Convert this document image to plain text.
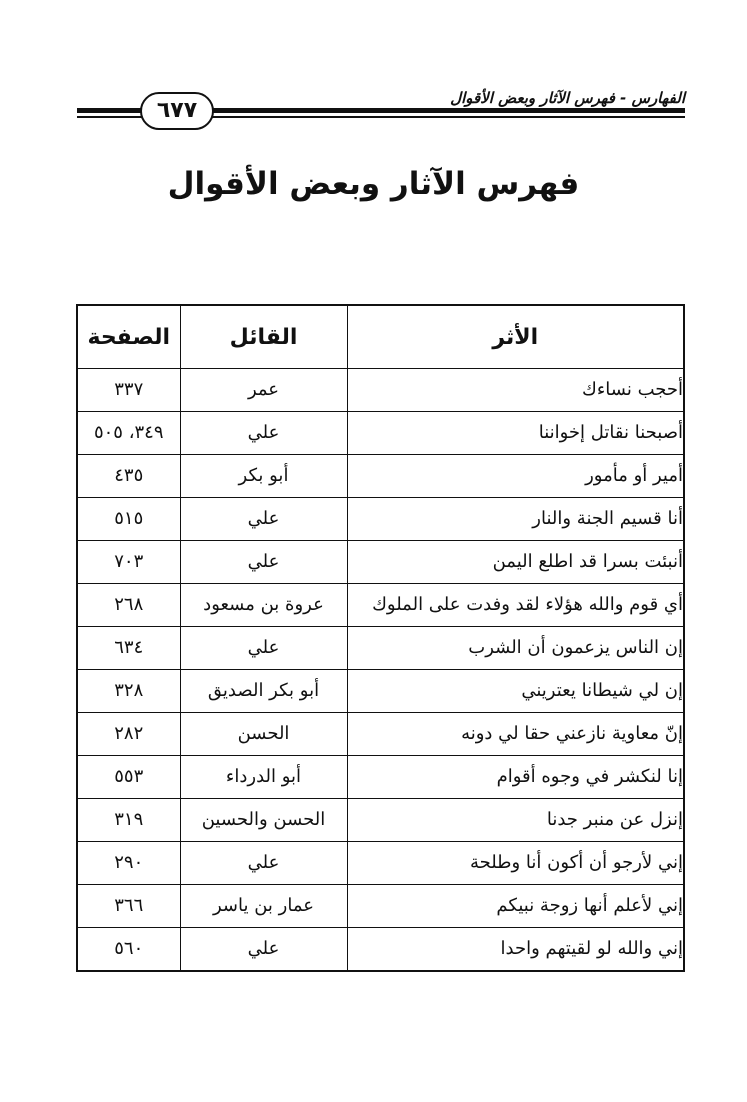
الفهارس - فهرس الآثار وبعض الأقوال
٦٧٧
فهرس الآثار وبعض الأقوال
الأثر	القائل	الصفحة
أحجب نساءك	عمر	٣٣٧
أصبحنا نقاتل إخواننا	علي	٣٤٩، ٥٠٥
أمير أو مأمور	أبو بكر	٤٣٥
أنا قسيم الجنة والنار	علي	٥١٥
أنبئت بسرا قد اطلع اليمن	علي	٧٠٣
أي قوم والله هؤلاء لقد وفدت على الملوك	عروة بن مسعود	٢٦٨
إن الناس يزعمون أن الشرب	علي	٦٣٤
إن لي شيطانا يعتريني	أبو بكر الصديق	٣٢٨
إنّ معاوية نازعني حقا لي دونه	الحسن	٢٨٢
إنا لنكشر في وجوه أقوام	أبو الدرداء	٥٥٣
إنزل عن منبر جدنا	الحسن والحسين	٣١٩
إني لأرجو أن أكون أنا وطلحة	علي	٢٩٠
إني لأعلم أنها زوجة نبيكم	عمار بن ياسر	٣٦٦
إني والله لو لقيتهم واحدا	علي	٥٦٠
